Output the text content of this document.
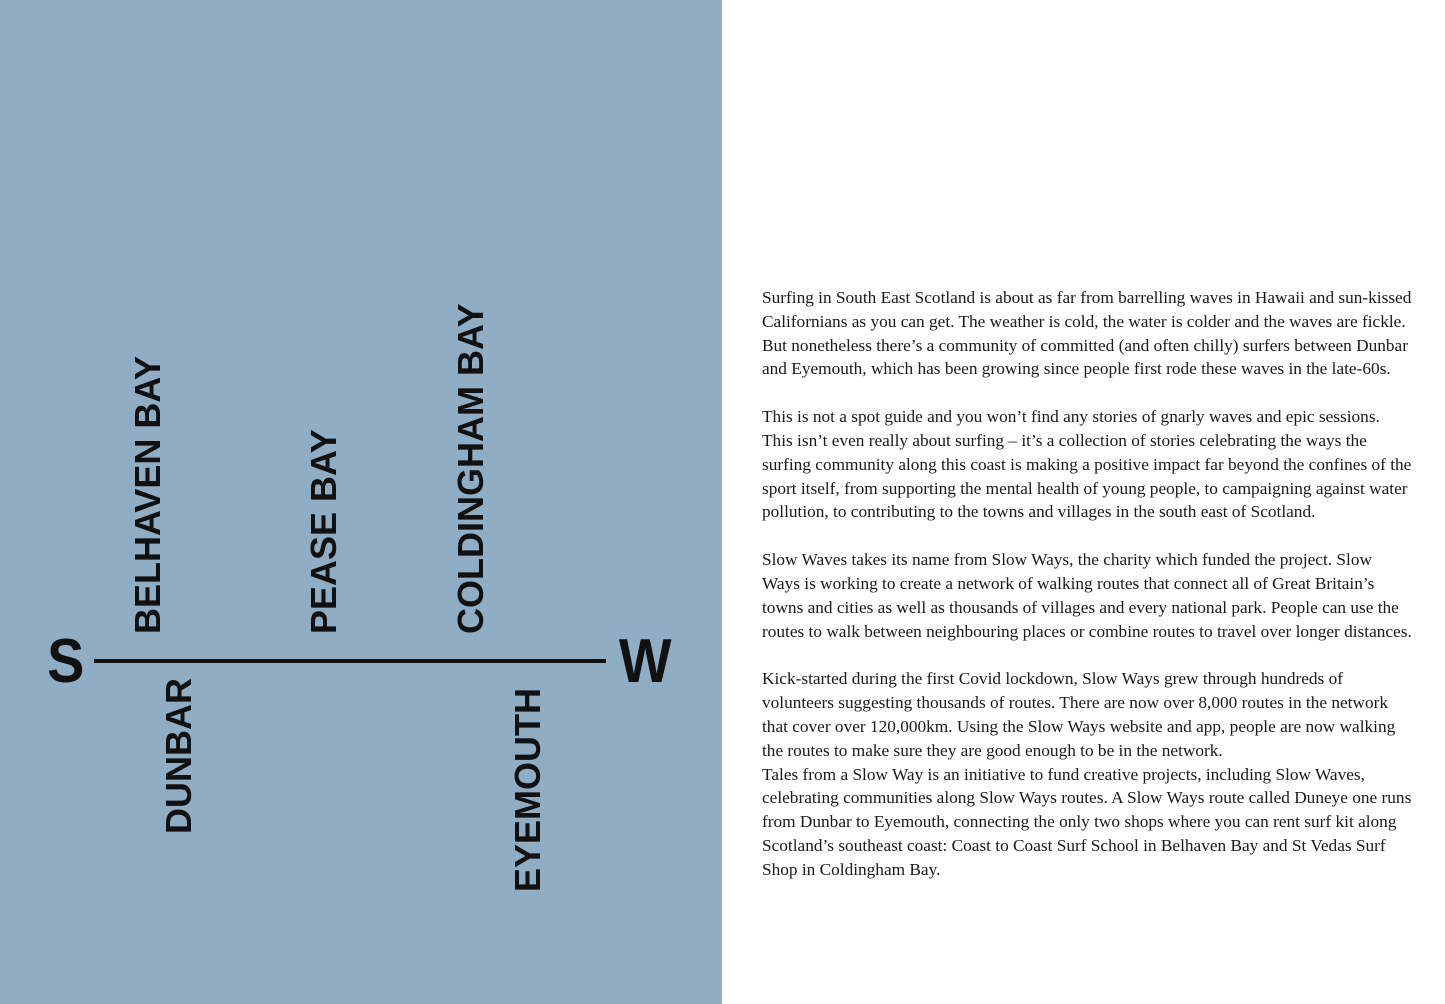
S	W
BELHAVEN BAY	PEASE BAY	COLDINGHAM BAY
DUNBAR	EYEMOUTH

Surfing in South East Scotland is about as far from barrelling waves in Hawaii and sun-kissed Californians as you can get. The weather is cold, the water is colder and the waves are fickle. But nonetheless there’s a community of committed (and often chilly) surfers between Dunbar and Eyemouth, which has been growing since people first rode these waves in the late-60s.

This is not a spot guide and you won’t find any stories of gnarly waves and epic sessions. This isn’t even really about surfing – it’s a collection of stories celebrating the ways the surfing community along this coast is making a positive impact far beyond the confines of the sport itself, from supporting the mental health of young people, to campaigning against water pollution, to contributing to the towns and villages in the south east of Scotland.

Slow Waves takes its name from Slow Ways, the charity which funded the project. Slow Ways is working to create a network of walking routes that connect all of Great Britain’s towns and cities as well as thousands of villages and every national park. People can use the routes to walk between neighbouring places or combine routes to travel over longer distances.

Kick-started during the first Covid lockdown, Slow Ways grew through hundreds of volunteers suggesting thousands of routes. There are now over 8,000 routes in the network that cover over 120,000km. Using the Slow Ways website and app, people are now walking the routes to make sure they are good enough to be in the network.

Tales from a Slow Way is an initiative to fund creative projects, including Slow Waves, celebrating communities along Slow Ways routes. A Slow Ways route called Duneye one runs from Dunbar to Eyemouth, connecting the only two shops where you can rent surf kit along Scotland’s southeast coast: Coast to Coast Surf School in Belhaven Bay and St Vedas Surf Shop in Coldingham Bay.
